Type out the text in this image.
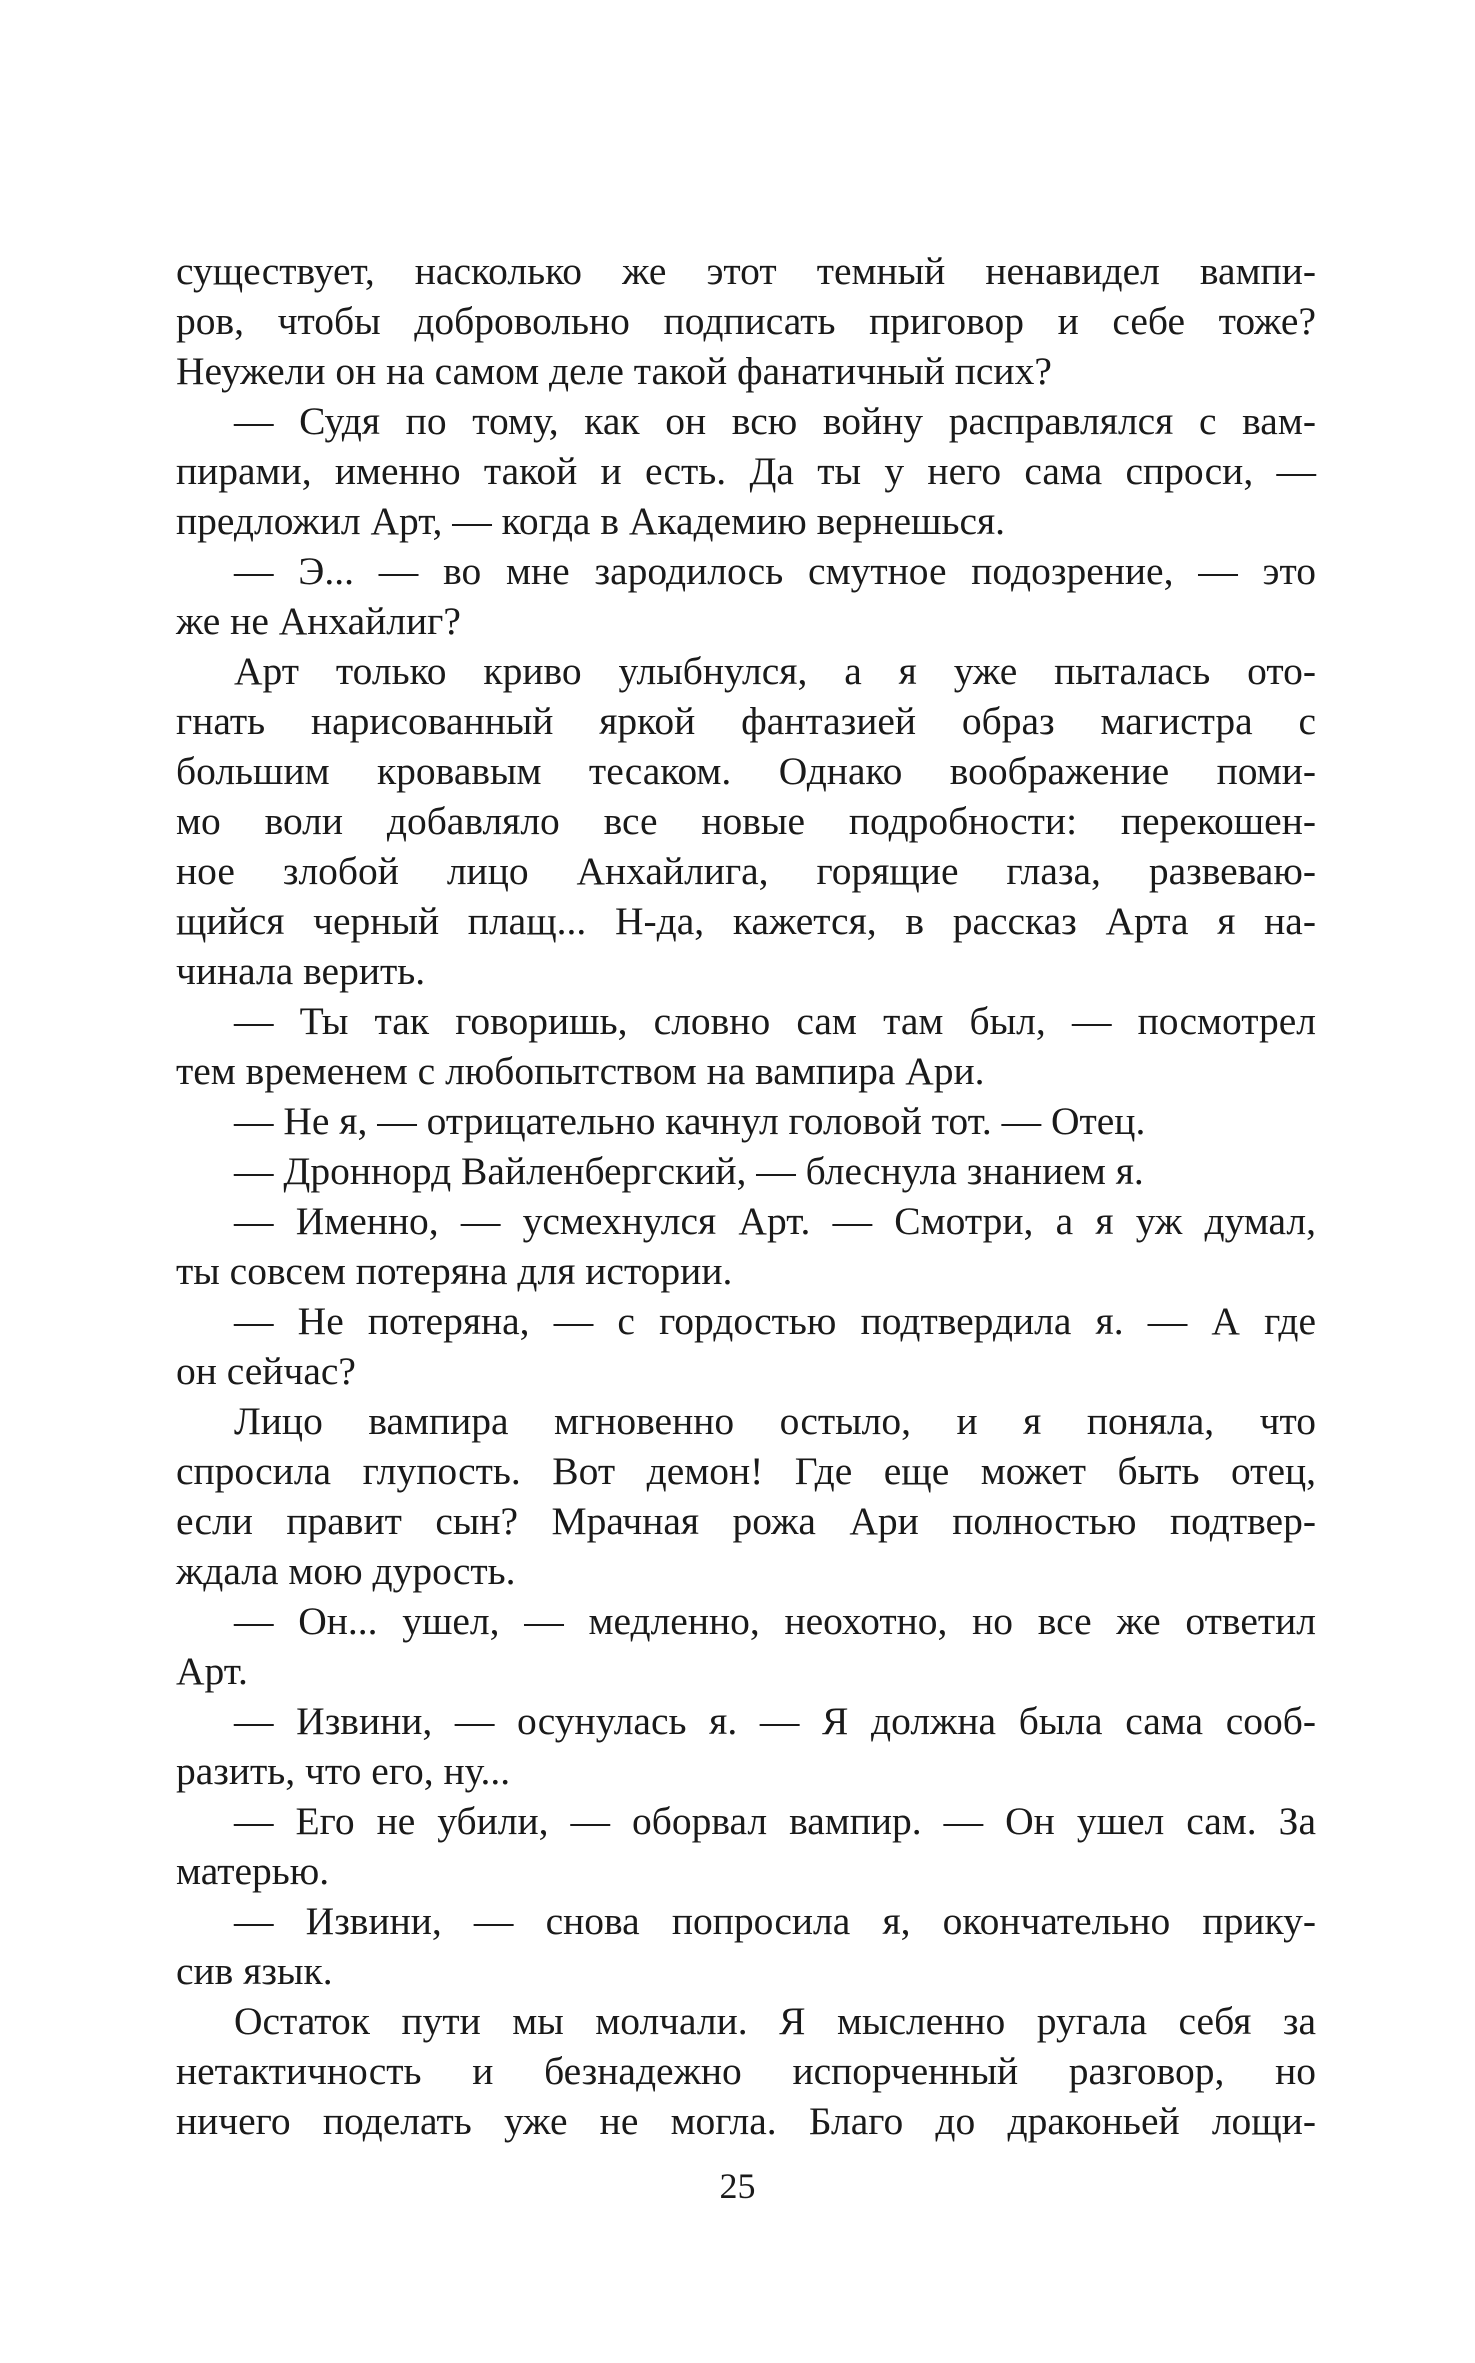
существует, насколько же этот темный ненавидел вампи-
ров, чтобы добровольно подписать приговор и себе тоже?
Неужели он на самом деле такой фанатичный псих?
— Судя по тому, как он всю войну расправлялся с вам-
пирами, именно такой и есть. Да ты у него сама спроси, —
предложил Арт, — когда в Академию вернешься.
— Э... — во мне зародилось смутное подозрение, — это
же не Анхайлиг?
Арт только криво улыбнулся, а я уже пыталась ото-
гнать нарисованный яркой фантазией образ магистра с
большим кровавым тесаком. Однако воображение поми-
мо воли добавляло все новые подробности: перекошен-
ное злобой лицо Анхайлига, горящие глаза, развеваю-
щийся черный плащ... Н-да, кажется, в рассказ Арта я на-
чинала верить.
— Ты так говоришь, словно сам там был, — посмотрел
тем временем с любопытством на вампира Ари.
— Не я, — отрицательно качнул головой тот. — Отец.
— Дроннорд Вайленбергский, — блеснула знанием я.
— Именно, — усмехнулся Арт. — Смотри, а я уж думал,
ты совсем потеряна для истории.
— Не потеряна, — с гордостью подтвердила я. — А где
он сейчас?
Лицо вампира мгновенно остыло, и я поняла, что
спросила глупость. Вот демон! Где еще может быть отец,
если правит сын? Мрачная рожа Ари полностью подтвер-
ждала мою дурость.
— Он... ушел, — медленно, неохотно, но все же ответил
Арт.
— Извини, — осунулась я. — Я должна была сама сооб-
разить, что его, ну...
— Его не убили, — оборвал вампир. — Он ушел сам. За
матерью.
— Извини, — снова попросила я, окончательно прику-
сив язык.
Остаток пути мы молчали. Я мысленно ругала себя за
нетактичность и безнадежно испорченный разговор, но
ничего поделать уже не могла. Благо до драконьей лощи-
25
